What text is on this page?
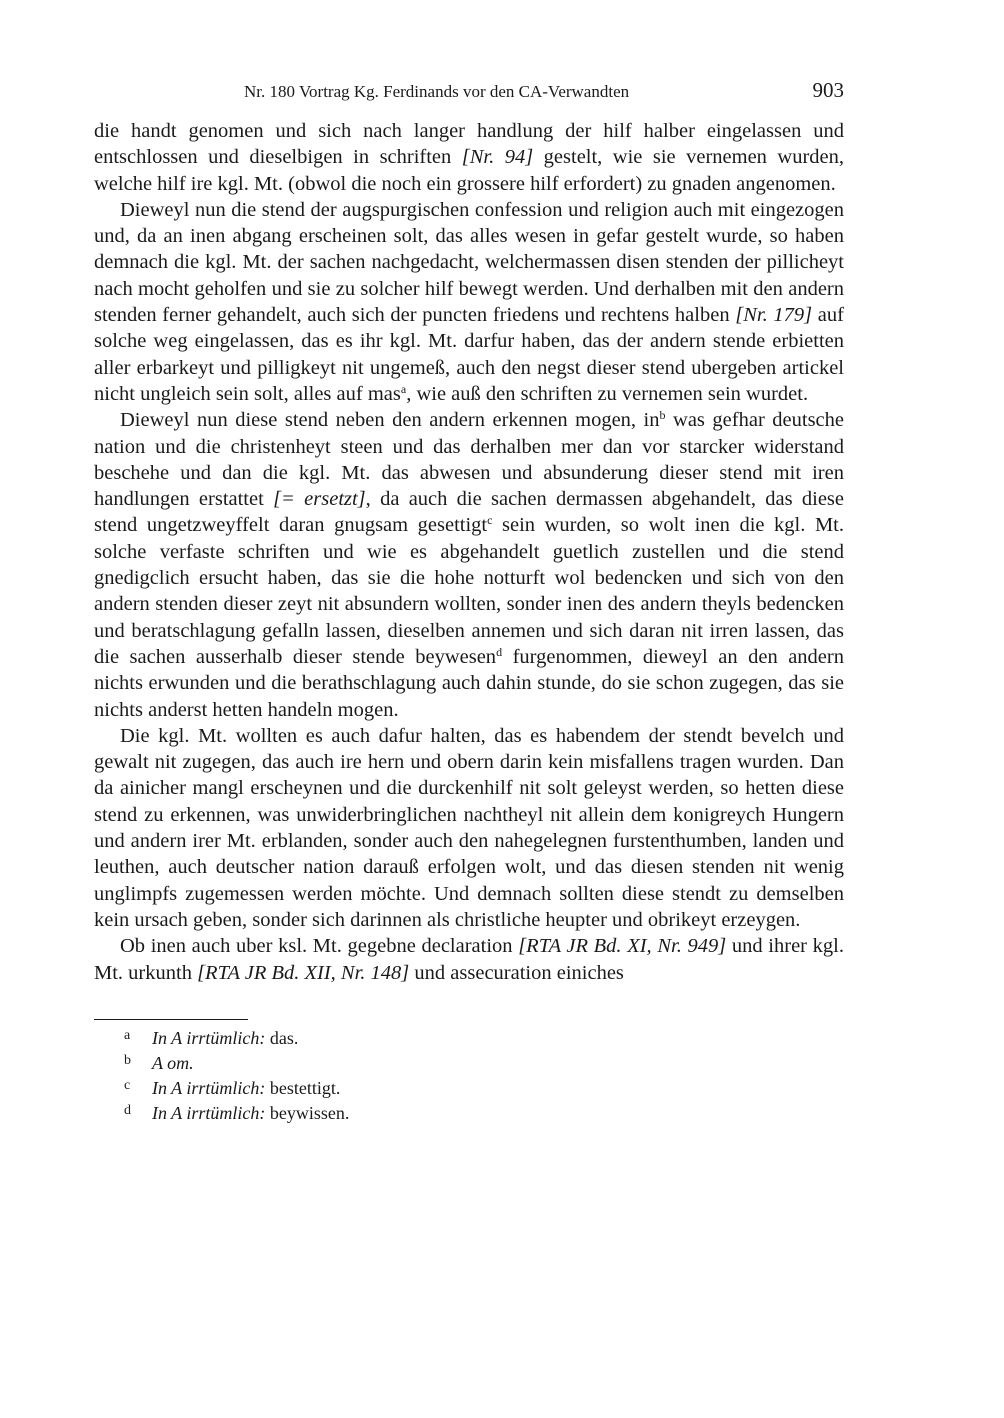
Nr. 180 Vortrag Kg. Ferdinands vor den CA-Verwandten	903

die handt genomen und sich nach langer handlung der hilf halber eingelassen und entschlossen und dieselbigen in schriften [Nr. 94] gestelt, wie sie vernemen wurden, welche hilf ire kgl. Mt. (obwol die noch ein grossere hilf erfordert) zu gnaden angenomen.

Dieweyl nun die stend der augspurgischen confession und religion auch mit eingezogen und, da an inen abgang erscheinen solt, das alles wesen in gefar gestelt wurde, so haben demnach die kgl. Mt. der sachen nachgedacht, welchermassen disen stenden der pillicheyt nach mocht geholfen und sie zu solcher hilf bewegt werden. Und derhalben mit den andern stenden ferner gehandelt, auch sich der puncten friedens und rechtens halben [Nr. 179] auf solche weg eingelassen, das es ihr kgl. Mt. darfur haben, das der andern stende erbietten aller erbarkeyt und pilligkeyt nit ungemeß, auch den negst dieser stend ubergeben artickel nicht ungleich sein solt, alles auf mas$^a$, wie auß den schriften zu vernemen sein wurdet.

Dieweyl nun diese stend neben den andern erkennen mogen, $in^b$ was gefhar deutsche nation und die christenheyt steen und das derhalben mer dan vor starcker widerstand beschehe und dan die kgl. Mt. das abwesen und absunderung dieser stend mit iren handlungen erstattet [= ersetzt], da auch die sachen dermassen abgehandelt, das diese stend ungetzweyffelt daran gnugsam gesettigt$^c$ sein wurden, so wolt inen die kgl. Mt. solche verfaste schriften und wie es abgehandelt guetlich zustellen und die stend gnedigclich ersucht haben, das sie die hohe notturft wol bedencken und sich von den andern stenden dieser zeyt nit absundern wollten, sonder inen des andern theyls bedencken und beratschlagung gefalln lassen, dieselben annemen und sich daran nit irren lassen, das die sachen ausserhalb dieser stende beywesen$^d$ furgenommen, dieweyl an den andern nichts erwunden und die berathschlagung auch dahin stunde, do sie schon zugegen, das sie nichts anderst hetten handeln mogen.

Die kgl. Mt. wollten es auch dafur halten, das es habendem der stendt bevelch und gewalt nit zugegen, das auch ire hern und obern darin kein misfallens tragen wurden. Dan da ainicher mangl erscheynen und die durckenhilf nit solt geleyst werden, so hetten diese stend zu erkennen, was unwiderbringlichen nachtheyl nit allein dem konigreych Hungern und andern irer Mt. erblanden, sonder auch den nahegelegnen furstenthumben, landen und leuthen, auch deutscher nation darauß erfolgen wolt, und das diesen stenden nit wenig unglimpfs zugemessen werden möchte. Und demnach sollten diese stendt zu demselben kein ursach geben, sonder sich darinnen als christliche heupter und obrikeyt erzeygen.

Ob inen auch uber ksl. Mt. gegebne declaration [RTA JR Bd. XI, Nr. 949] und ihrer kgl. Mt. urkunth [RTA JR Bd. XII, Nr. 148] und assecuration einiches

a	In A irrtümlich: das.
b	A om.
c	In A irrtümlich: bestettigt.
d	In A irrtümlich: beywissen.
